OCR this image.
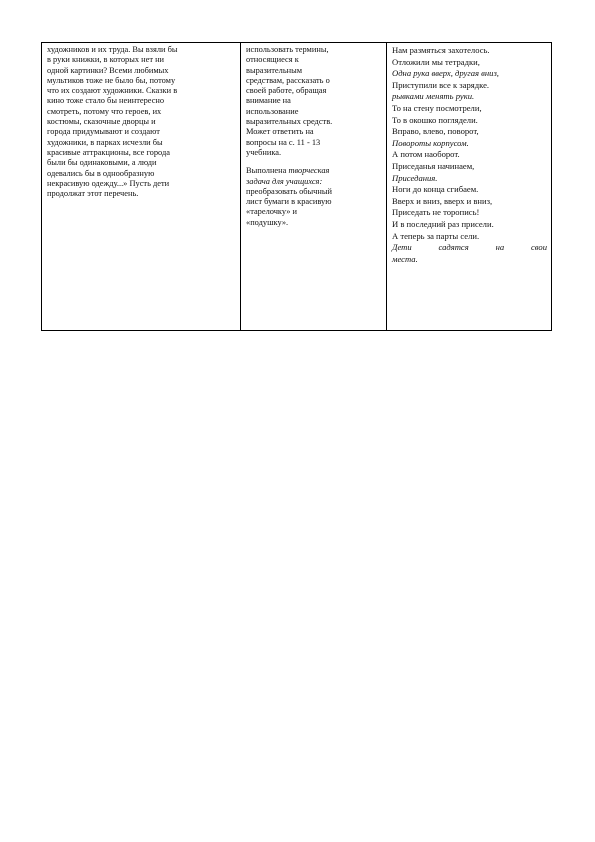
художников и их труда. Вы взяли бы
в руки книжки, в которых нет ни
одной картинки? Всеми любимых
мультиков тоже не было бы, потому
что их создают художники. Сказки в
кино тоже стало бы неинтересно
смотреть, потому что героев, их
костюмы, сказочные дворцы и
города придумывают и создают
художники, в парках исчезли бы
красивые аттракционы, все города
были бы одинаковыми, а люди
одевались бы в однообразную
некрасивую одежду...» Пусть дети
продолжат этот перечень.

использовать термины,
относящиеся к
выразительным
средствам, рассказать о
своей работе, обращая
внимание на
использование
выразительных средств.
Может ответить на
вопросы на с. 11 - 13
учебника.
Выполнена творческая
задача для учащихся:
преобразовать обычный
лист бумаги в красивую
«тарелочку» и
«подушку».

Нам размяться захотелось.
Отложили мы тетрадки,
Одна рука вверх, другая вниз,
Приступили все к зарядке.
рывками менять руки.
То на стену посмотрели,
То в окошко поглядели.
Вправо, влево, поворот,
Повороты корпусом.
А потом наоборот.
Приседанья начинаем,
Приседания.
Ноги до конца сгибаем.
Вверх и вниз, вверх и вниз,
Приседать не торопись!
И в последний раз присели.
А теперь за парты сели.
Дети	садятся	на	свои
места.
